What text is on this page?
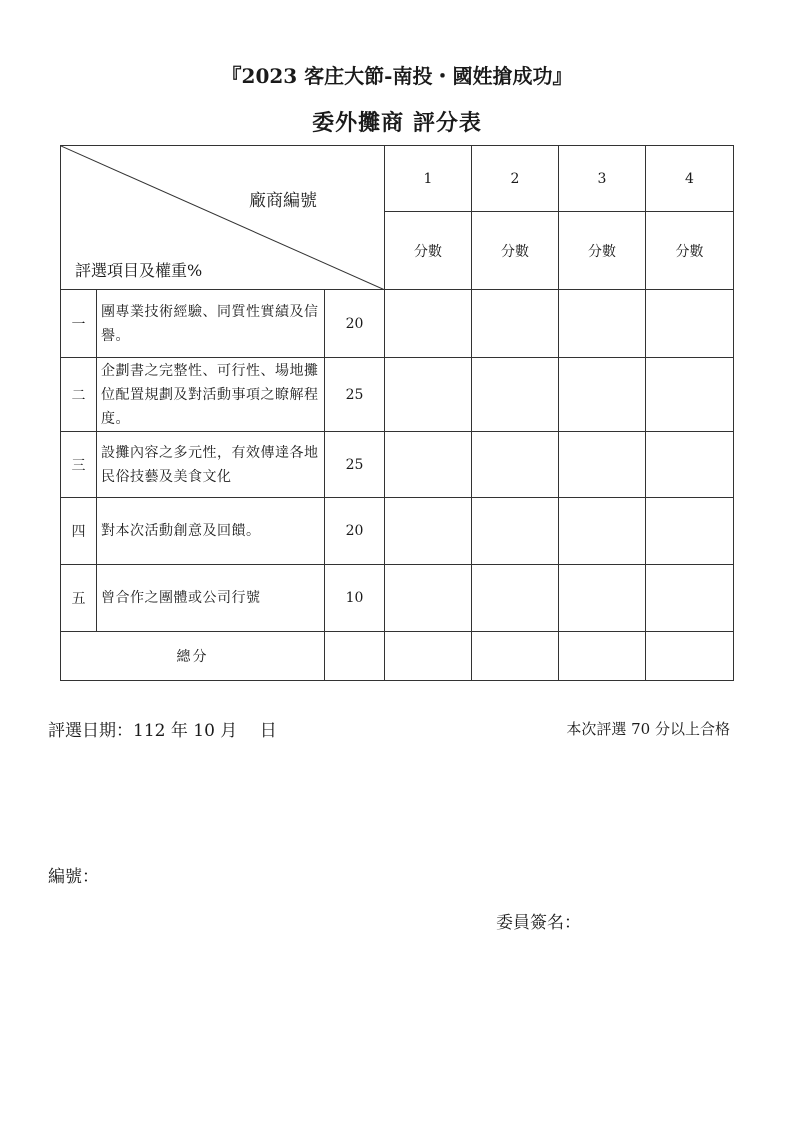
『2023 客庄大節-南投・國姓搶成功』
委外攤商 評分表
廠商編號
評選項目及權重%			1	2	3	4
			分數	分數	分數	分數
一	團專業技術經驗、同質性實績及信譽。	20				
二	企劃書之完整性、可行性、場地攤位配置規劃及對活動事項之瞭解程度。	25				
三	設攤內容之多元性，有效傳達各地民俗技藝及美食文化	25				
四	對本次活動創意及回饋。	20				
五	曾合作之團體或公司行號	10				
總分						
評選日期：112 年 10 月　 日	本次評選 70 分以上合格
編號：
委員簽名：
